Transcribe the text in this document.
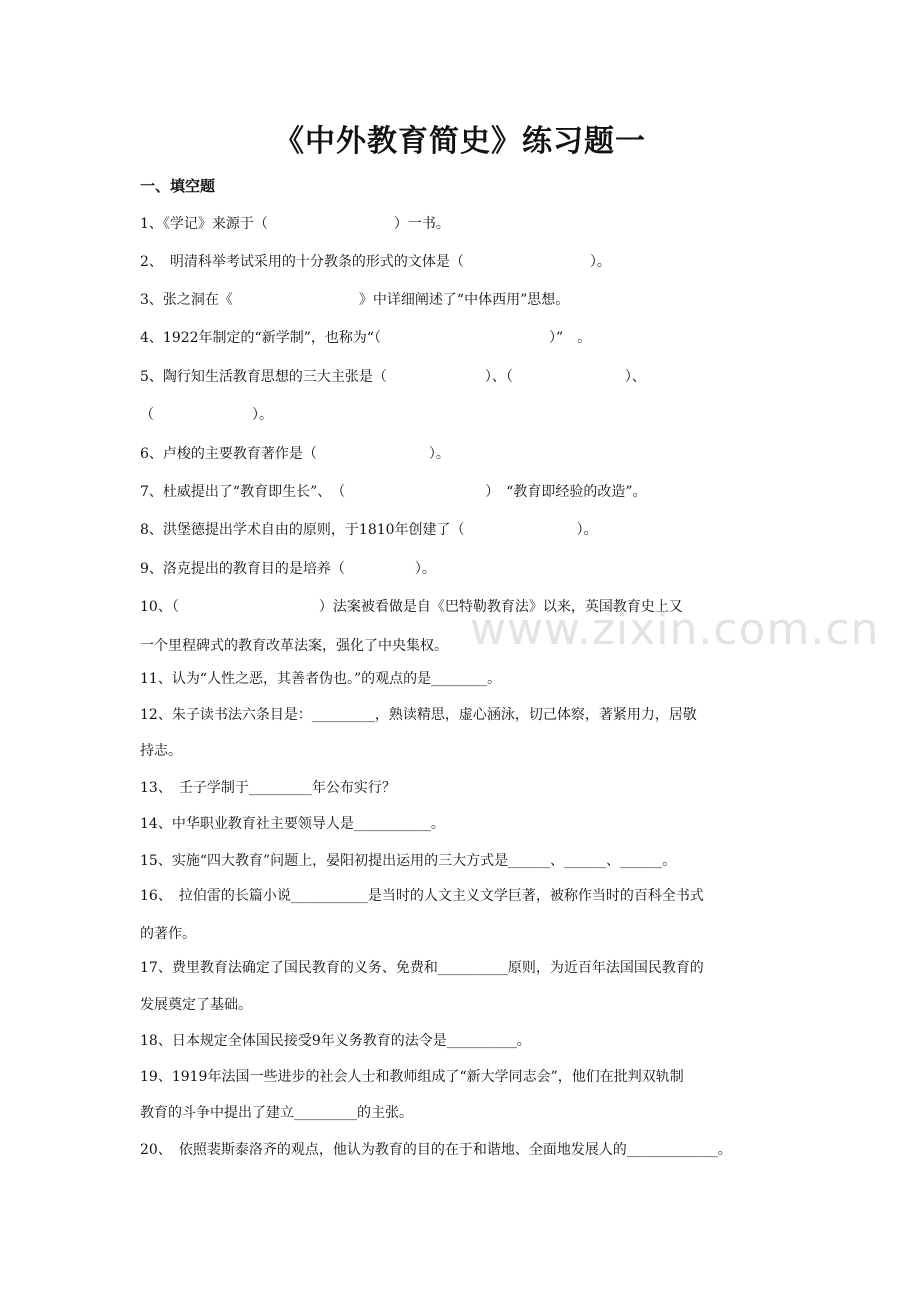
www.zixin.com.cn
《中外教育简史》练习题一
一、填空题
1、《学记》来源于（　　　　　　　　　）一书。
2、　明清科举考试采用的十分教条的形式的文体是（　　　　　　　　　）。
3、张之洞在《　　　　　　　　　》中详细阐述了“中体西用”思想。
4、1922年制定的“新学制”，也称为“（　　　　　　　　　　　　）”　。
5、陶行知生活教育思想的三大主张是（　　　　　　　）、（　　　　　　　　）、
（　　　　　　　）。
6、卢梭的主要教育著作是（　　　　　　　　）。
7、杜威提出了“教育即生长”、　（　　　　　　　　　　）　“教育即经验的改造”。
8、洪堡德提出学术自由的原则，于1810年创建了（　　　　　　　　）。
9、洛克提出的教育目的是培养（　　　　　）。
10、（　　　　　　　　　　）法案被看做是自《巴特勒教育法》以来，英国教育史上又
一个里程碑式的教育改革法案，强化了中央集权。
11、认为“人性之恶，其善者伪也。”的观点的是________。
12、朱子读书法六条目是：_________，熟读精思，虚心涵泳，切己体察，著紧用力，居敬
持志。
13、　壬子学制于_________年公布实行？
14、中华职业教育社主要领导人是___________。
15、实施“四大教育”问题上，晏阳初提出运用的三大方式是______、______、______。
16、　拉伯雷的长篇小说___________是当时的人文主义文学巨著，被称作当时的百科全书式
的著作。
17、费里教育法确定了国民教育的义务、免费和__________原则，为近百年法国国民教育的
发展奠定了基础。
18、日本规定全体国民接受9年义务教育的法令是__________。
19、1919年法国一些进步的社会人士和教师组成了“新大学同志会”，他们在批判双轨制
教育的斗争中提出了建立_________的主张。
20、　依照裴斯泰洛齐的观点，他认为教育的目的在于和谐地、全面地发展人的_____________。
